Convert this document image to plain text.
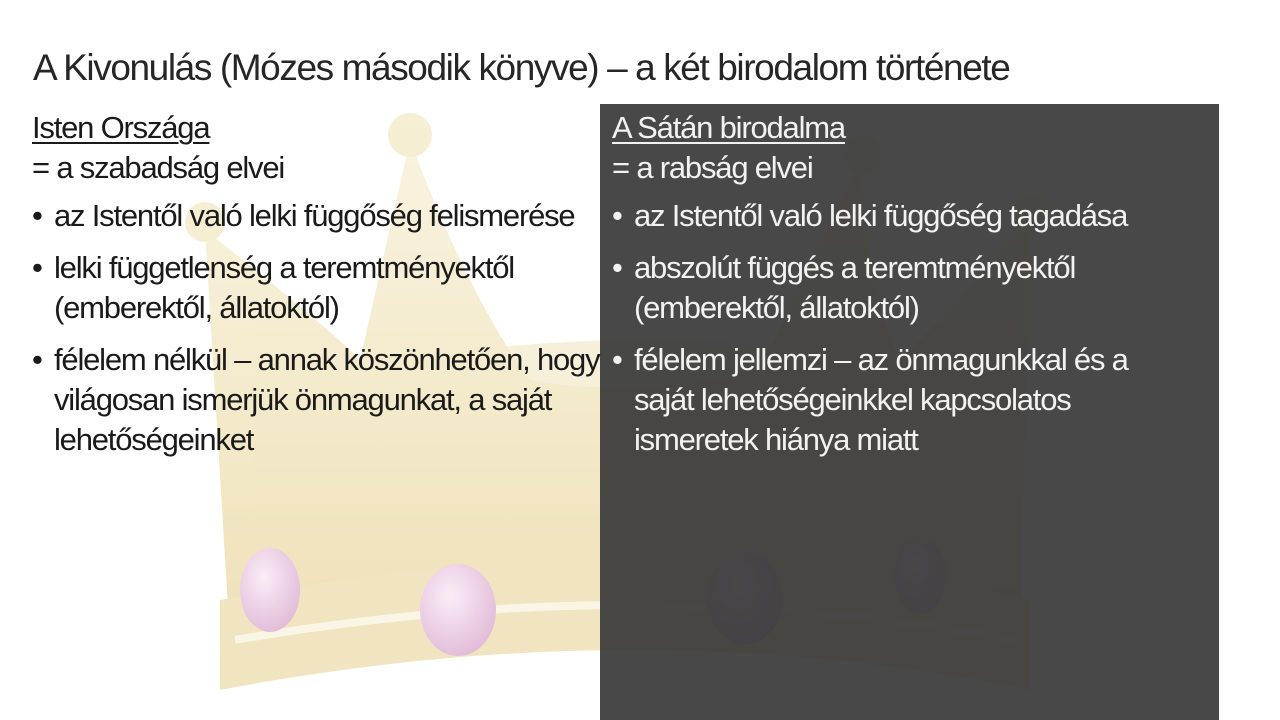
A Kivonulás (Mózes második könyve) – a két birodalom története
Isten Országa
= a szabadság elvei
• az Istentől való lelki függőség felismerése
• lelki függetlenség a teremtményektől (emberektől, állatoktól)
• félelem nélkül – annak köszönhetően, hogy világosan ismerjük önmagunkat, a saját lehetőségeinket
A Sátán birodalma
= a rabság elvei
• az Istentől való lelki függőség tagadása
• abszolút függés a teremtményektől (emberektől, állatoktól)
• félelem jellemzi – az önmagunkkal és a saját lehetőségeinkkel kapcsolatos ismeretek hiánya miatt
